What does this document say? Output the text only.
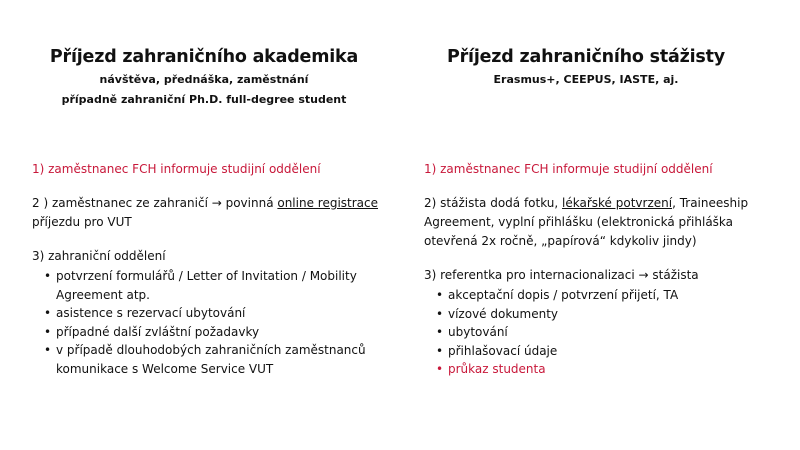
Příjezd zahraničního akademika
návštěva, přednáška, zaměstnání
případně zahraniční Ph.D. full-degree student

1) zaměstnanec FCH informuje studijní oddělení

2 ) zaměstnanec ze zahraničí → povinná online registrace
příjezdu pro VUT

3) zahraniční oddělení
• potvrzení formulářů / Letter of Invitation / Mobility Agreement atp.
• asistence s rezervací ubytování
• případné další zvláštní požadavky
• v případě dlouhodobých zahraničních zaměstnanců komunikace s Welcome Service VUT
Příjezd zahraničního stážisty
Erasmus+, CEEPUS, IASTE, aj.

1) zaměstnanec FCH informuje studijní oddělení

2) stážista dodá fotku, lékařské potvrzení, Traineeship Agreement, vyplní přihlášku (elektronická přihláška otevřená 2x ročně, „papírová“ kdykoliv jindy)

3) referentka pro internacionalizaci → stážista
• akceptační dopis / potvrzení přijetí, TA
• vízové dokumenty
• ubytování
• přihlašovací údaje
• průkaz studenta
